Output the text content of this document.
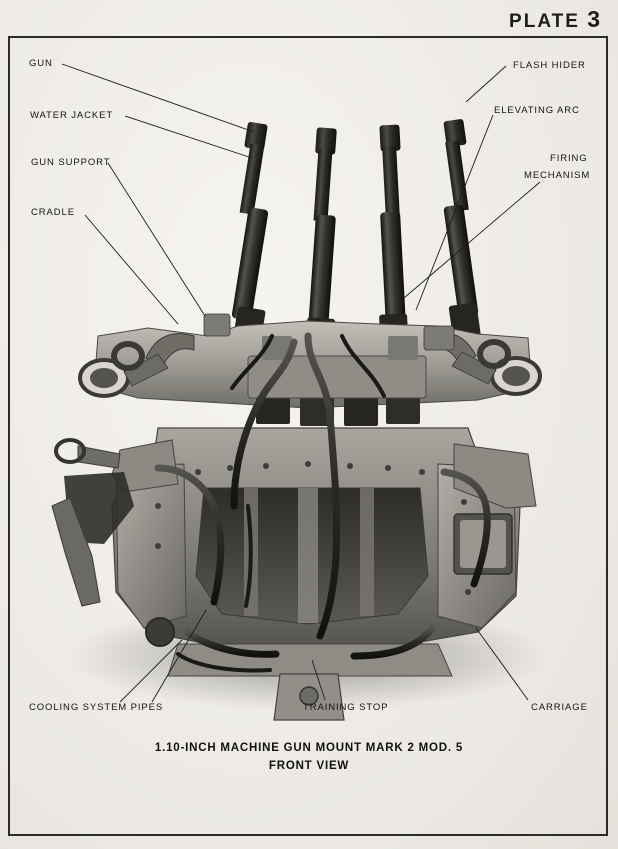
PLATE 3
GUN
WATER JACKET
GUN SUPPORT
CRADLE
FLASH HIDER
ELEVATING ARC
FIRING
MECHANISM
COOLING SYSTEM PIPES	TRAINING STOP	CARRIAGE
1.10-INCH MACHINE GUN MOUNT MARK 2 MOD. 5
FRONT VIEW
